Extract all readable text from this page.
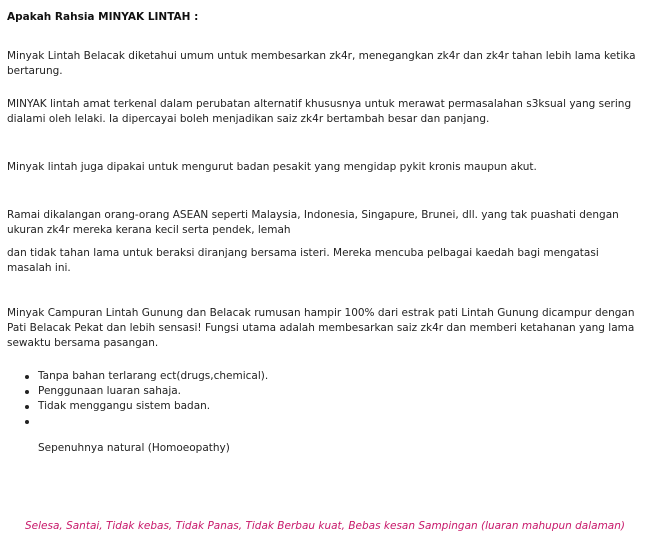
Apakah Rahsia MINYAK LINTAH :

Minyak Lintah Belacak diketahui umum untuk membesarkan zk4r, menegangkan zk4r dan zk4r tahan lebih lama ketika bertarung.

MINYAK lintah amat terkenal dalam perubatan alternatif khususnya untuk merawat permasalahan s3ksual yang sering dialami oleh lelaki. Ia dipercayai boleh menjadikan saiz zk4r bertambah besar dan panjang.

Minyak lintah juga dipakai untuk mengurut badan pesakit yang mengidap pykit kronis maupun akut.

Ramai dikalangan orang-orang ASEAN seperti Malaysia, Indonesia, Singapure, Brunei, dll. yang tak puashati dengan ukuran zk4r mereka kerana kecil serta pendek, lemah

dan tidak tahan lama untuk beraksi diranjang bersama isteri. Mereka mencuba pelbagai kaedah bagi mengatasi masalah ini.

Minyak Campuran Lintah Gunung dan Belacak rumusan hampir 100% dari estrak pati Lintah Gunung dicampur dengan Pati Belacak Pekat dan lebih sensasi! Fungsi utama adalah membesarkan saiz zk4r dan memberi ketahanan yang lama sewaktu bersama pasangan.

Tanpa bahan terlarang ect(drugs,chemical).
Penggunaan luaran sahaja.
Tidak menggangu sistem badan.
Sepenuhnya natural (Homoeopathy)
Selesa, Santai, Tidak kebas, Tidak Panas, Tidak Berbau kuat, Bebas kesan Sampingan (luaran mahupun dalaman)
